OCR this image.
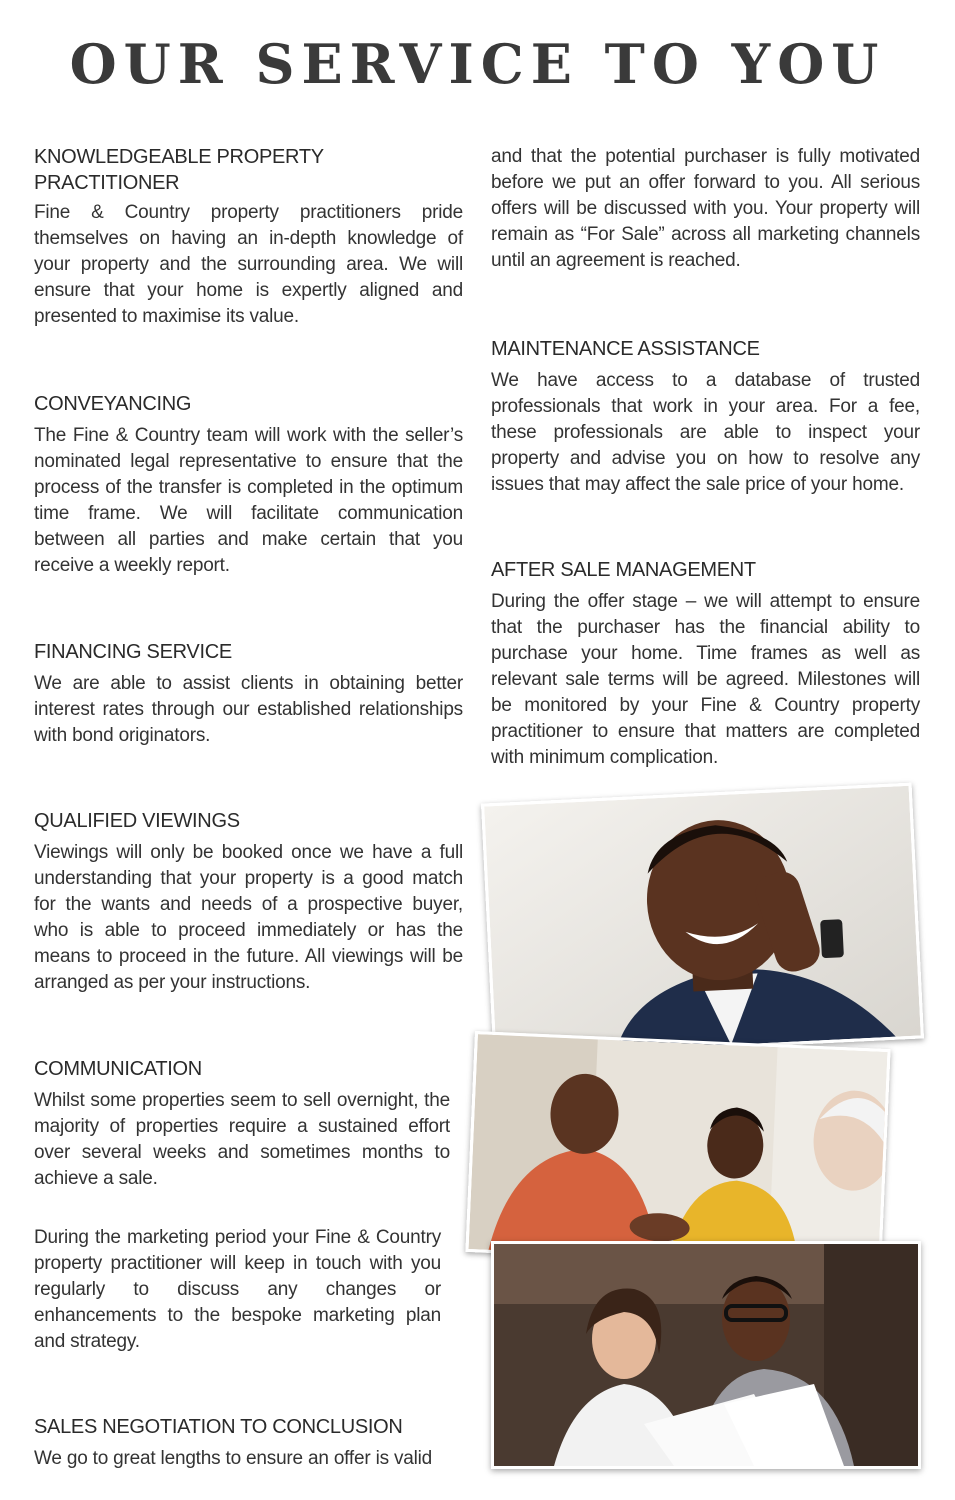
OUR SERVICE TO YOU
KNOWLEDGEABLE PROPERTY
PRACTITIONER

Fine & Country property practitioners pride themselves on having an in-depth knowledge of your property and the surrounding area. We will ensure that your home is expertly aligned and presented to maximise its value.

CONVEYANCING

The Fine & Country team will work with the seller’s nominated legal representative to ensure that the process of the transfer is completed in the optimum time frame. We will facilitate communication between all parties and make certain that you receive a weekly report.

FINANCING SERVICE

We are able to assist clients in obtaining better interest rates through our established relationships with bond originators.

QUALIFIED VIEWINGS

Viewings will only be booked once we have a full understanding that your property is a good match for the wants and needs of a prospective buyer, who is able to proceed immediately or has the means to proceed in the future. All viewings will be arranged as per your instructions.

COMMUNICATION

Whilst some properties seem to sell overnight, the majority of properties require a sustained effort over several weeks and sometimes months to achieve a sale.

During the marketing period your Fine & Country property practitioner will keep in touch with you regularly to discuss any changes or enhancements to the bespoke marketing plan and strategy.

SALES NEGOTIATION TO CONCLUSION

We go to great lengths to ensure an offer is valid

and that the potential purchaser is fully motivated before we put an offer forward to you. All serious offers will be discussed with you. Your property will remain as “For Sale” across all marketing channels until an agreement is reached.

MAINTENANCE ASSISTANCE

We have access to a database of trusted professionals that work in your area. For a fee, these professionals are able to inspect your property and advise you on how to resolve any issues that may affect the sale price of your home.

AFTER SALE MANAGEMENT

During the offer stage – we will attempt to ensure that the purchaser has the financial ability to purchase your home. Time frames as well as relevant sale terms will be agreed. Milestones will be monitored by your Fine & Country property practitioner to ensure that matters are completed with minimum complication.
